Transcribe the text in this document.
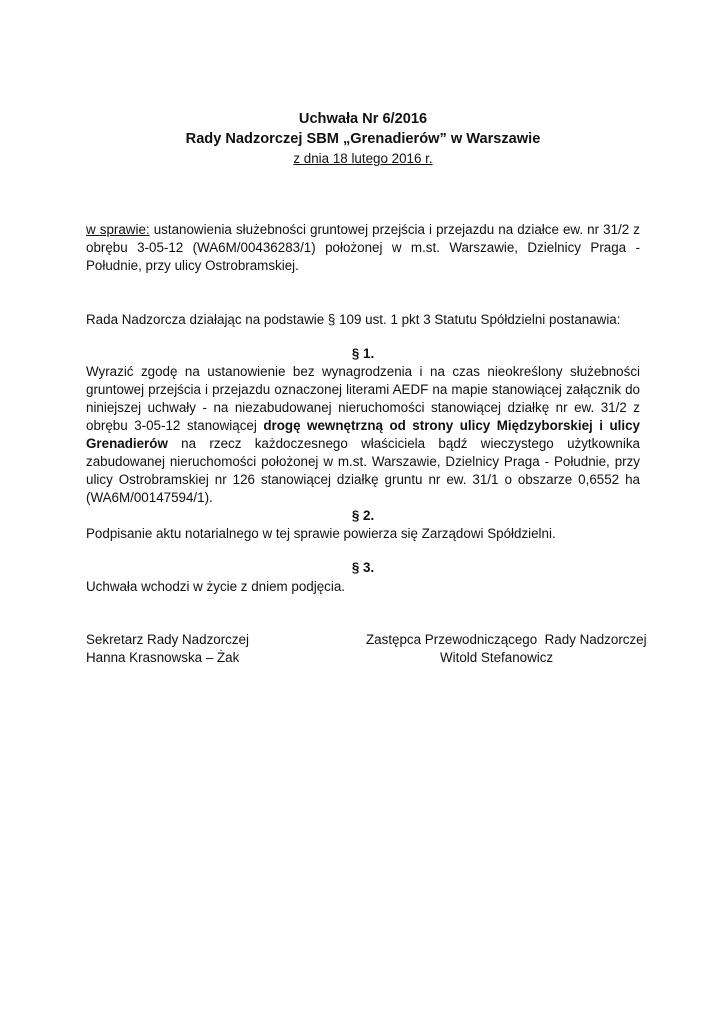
Uchwała Nr 6/2016
Rady Nadzorczej SBM „Grenadierów” w Warszawie
z dnia 18 lutego 2016 r.
w sprawie: ustanowienia służebności gruntowej przejścia i przejazdu na działce ew. nr 31/2 z obrębu 3-05-12 (WA6M/00436283/1) położonej w m.st. Warszawie, Dzielnicy Praga - Południe, przy ulicy Ostrobramskiej.
Rada Nadzorcza działając na podstawie § 109 ust. 1 pkt 3 Statutu Spółdzielni postanawia:
§ 1.
Wyrazić zgodę na ustanowienie bez wynagrodzenia i na czas nieokreślony służebności gruntowej przejścia i przejazdu oznaczonej literami AEDF na mapie stanowiącej załącznik do niniejszej uchwały - na niezabudowanej nieruchomości stanowiącej działkę nr ew. 31/2 z obrębu 3-05-12 stanowiącej drogę wewnętrzną od strony ulicy Międzyborskiej i ulicy Grenadierów na rzecz każdoczesnego właściciela bądź wieczystego użytkownika zabudowanej nieruchomości położonej w m.st. Warszawie, Dzielnicy Praga - Południe, przy ulicy Ostrobramskiej nr 126 stanowiącej działkę gruntu nr ew. 31/1 o obszarze 0,6552 ha (WA6M/00147594/1).
§ 2.
Podpisanie aktu notarialnego w tej sprawie powierza się Zarządowi Spółdzielni.
§ 3.
Uchwała wchodzi w życie z dniem podjęcia.
Sekretarz Rady Nadzorczej
Hanna Krasnowska – Żak
Zastępca Przewodniczącego  Rady Nadzorczej
Witold Stefanowicz
